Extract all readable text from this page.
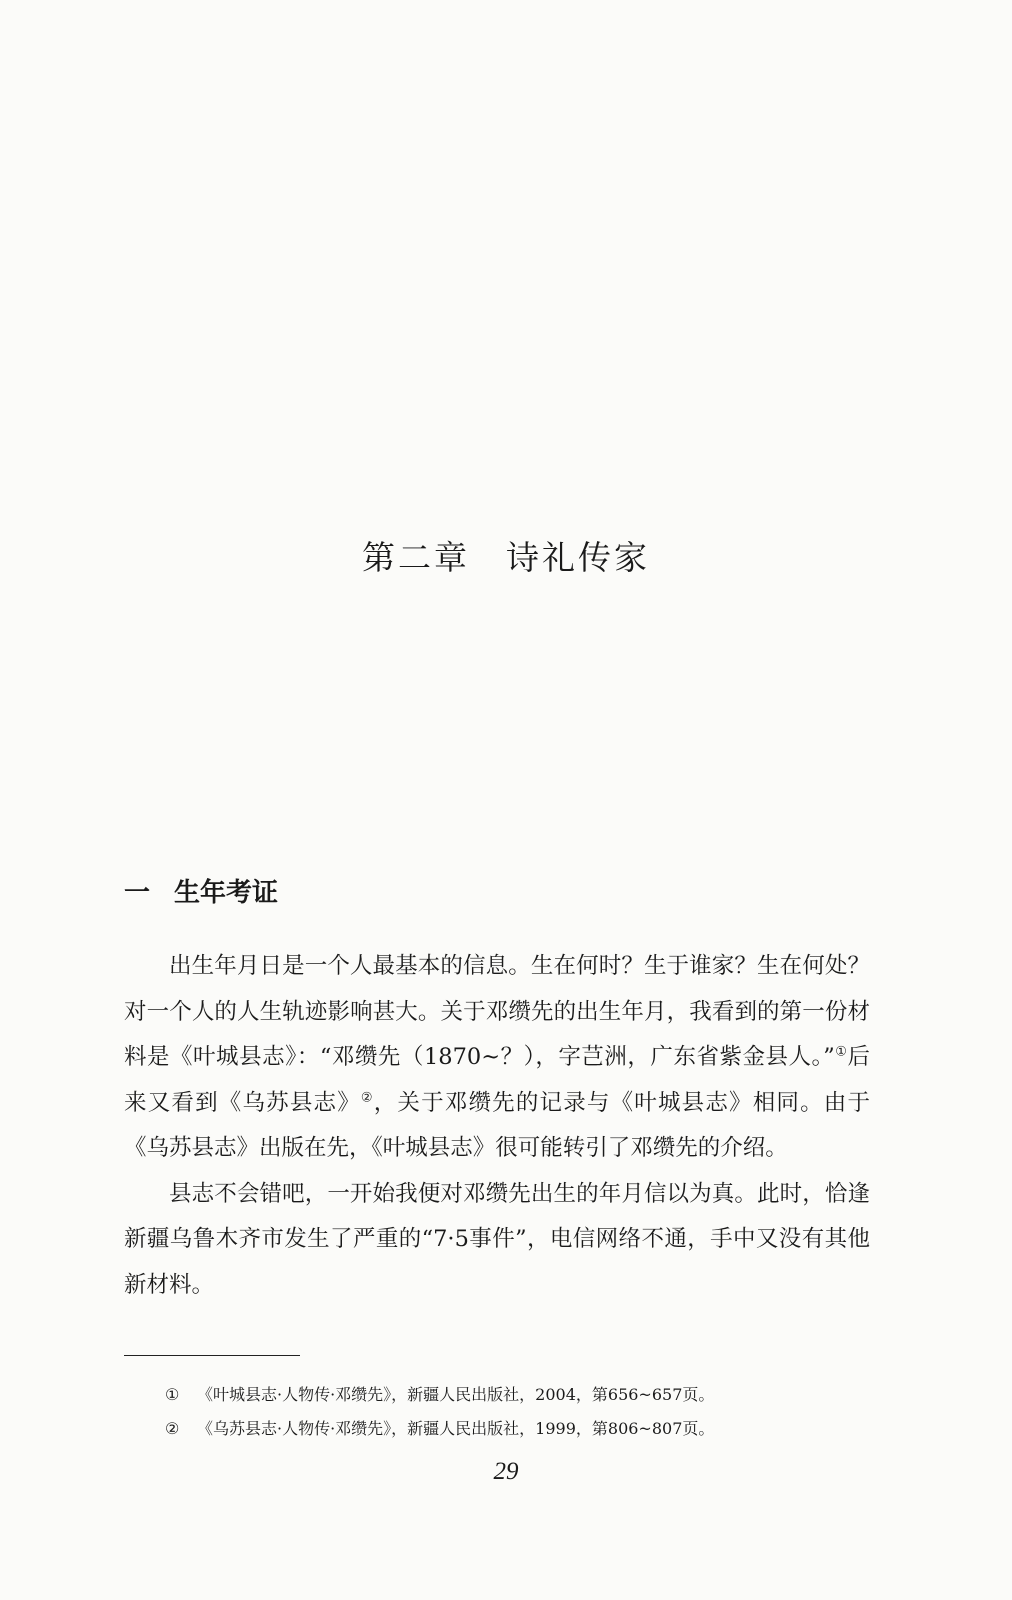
第二章 诗礼传家
一 生年考证

出生年月日是一个人最基本的信息。生在何时？生于谁家？生在何处？对一个人的人生轨迹影响甚大。关于邓缵先的出生年月，我看到的第一份材料是《叶城县志》：“邓缵先（1870~？），字芑洲，广东省紫金县人。”①后来又看到《乌苏县志》②，关于邓缵先的记录与《叶城县志》相同。由于《乌苏县志》出版在先，《叶城县志》很可能转引了邓缵先的介绍。

县志不会错吧，一开始我便对邓缵先出生的年月信以为真。此时，恰逢新疆乌鲁木齐市发生了严重的“7·5事件”，电信网络不通，手中又没有其他新材料。

① 《叶城县志·人物传·邓缵先》，新疆人民出版社，2004，第656~657页。
② 《乌苏县志·人物传·邓缵先》，新疆人民出版社，1999，第806~807页。
29
